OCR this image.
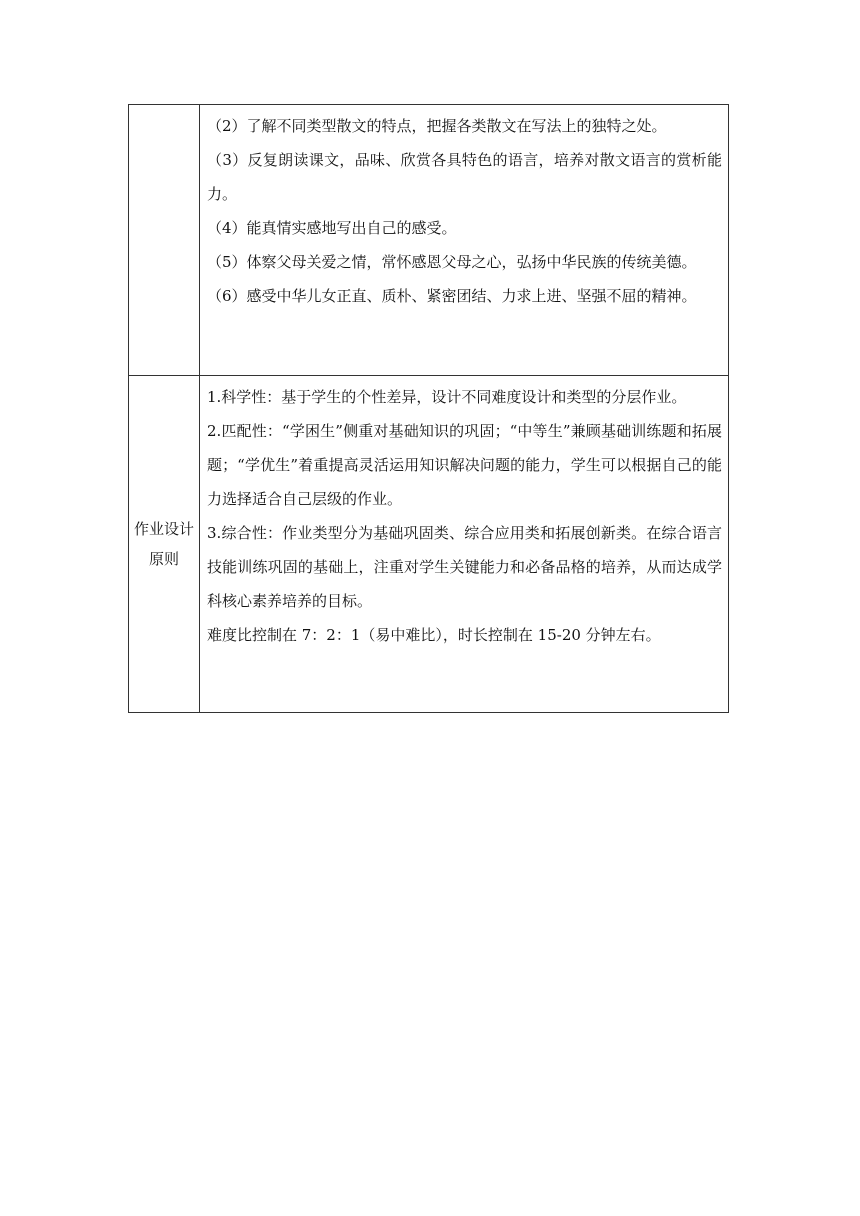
	（2）了解不同类型散文的特点，把握各类散文在写法上的独特之处。

（3）反复朗读课文，品味、欣赏各具特色的语言，培养对散文语言的赏析能力。

（4）能真情实感地写出自己的感受。

（5）体察父母关爱之情，常怀感恩父母之心，弘扬中华民族的传统美德。

（6）感受中华儿女正直、质朴、紧密团结、力求上进、坚强不屈的精神。

作业设计原则	1.科学性：基于学生的个性差异，设计不同难度设计和类型的分层作业。

2.匹配性：“学困生”侧重对基础知识的巩固；“中等生”兼顾基础训练题和拓展题；“学优生”着重提高灵活运用知识解决问题的能力，学生可以根据自己的能力选择适合自己层级的作业。

3.综合性：作业类型分为基础巩固类、综合应用类和拓展创新类。在综合语言技能训练巩固的基础上，注重对学生关键能力和必备品格的培养，从而达成学科核心素养培养的目标。

难度比控制在 7：2：1（易中难比），时长控制在 15-20 分钟左右。
